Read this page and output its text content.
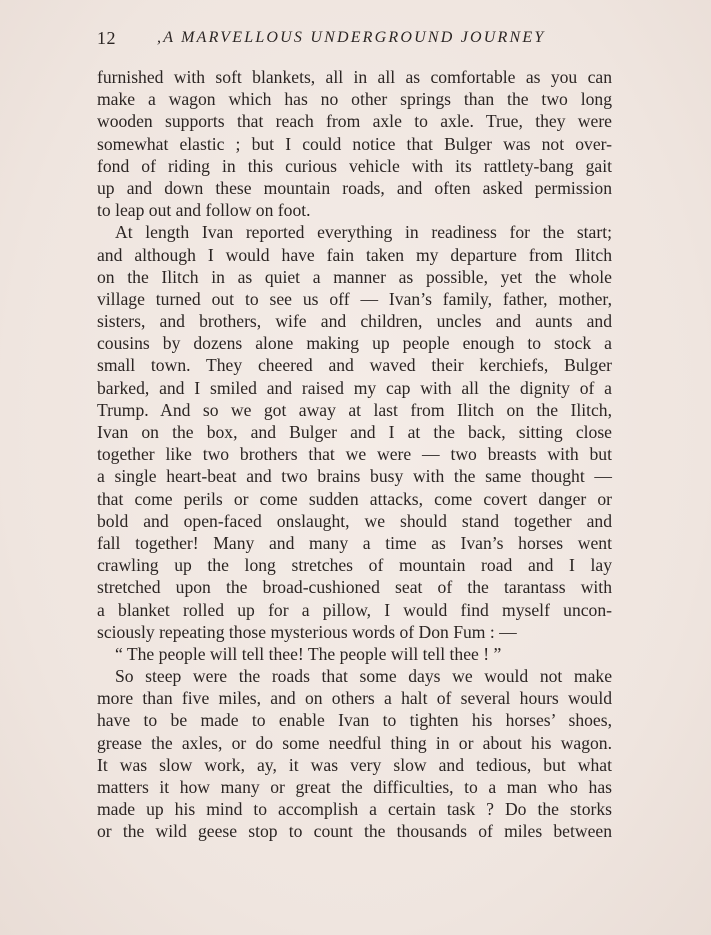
12	,A MARVELLOUS UNDERGROUND JOURNEY
furnished with soft blankets, all in all as comfortable as you can
make a wagon which has no other springs than the two long
wooden supports that reach from axle to axle. True, they were
somewhat elastic ; but I could notice that Bulger was not over-
fond of riding in this curious vehicle with its rattlety-bang gait
up and down these mountain roads, and often asked permission
to leap out and follow on foot.
At length Ivan reported everything in readiness for the start;
and although I would have fain taken my departure from Ilitch
on the Ilitch in as quiet a manner as possible, yet the whole
village turned out to see us off — Ivan’s family, father, mother,
sisters, and brothers, wife and children, uncles and aunts and
cousins by dozens alone making up people enough to stock a
small town. They cheered and waved their kerchiefs, Bulger
barked, and I smiled and raised my cap with all the dignity of a
Trump. And so we got away at last from Ilitch on the Ilitch,
Ivan on the box, and Bulger and I at the back, sitting close
together like two brothers that we were — two breasts with but
a single heart-beat and two brains busy with the same thought —
that come perils or come sudden attacks, come covert danger or
bold and open-faced onslaught, we should stand together and
fall together! Many and many a time as Ivan’s horses went
crawling up the long stretches of mountain road and I lay
stretched upon the broad-cushioned seat of the tarantass with
a blanket rolled up for a pillow, I would find myself uncon-
sciously repeating those mysterious words of Don Fum : —
“ The people will tell thee! The people will tell thee ! ”
So steep were the roads that some days we would not make
more than five miles, and on others a halt of several hours would
have to be made to enable Ivan to tighten his horses’ shoes,
grease the axles, or do some needful thing in or about his wagon.
It was slow work, ay, it was very slow and tedious, but what
matters it how many or great the difficulties, to a man who has
made up his mind to accomplish a certain task ? Do the storks
or the wild geese stop to count the thousands of miles between
